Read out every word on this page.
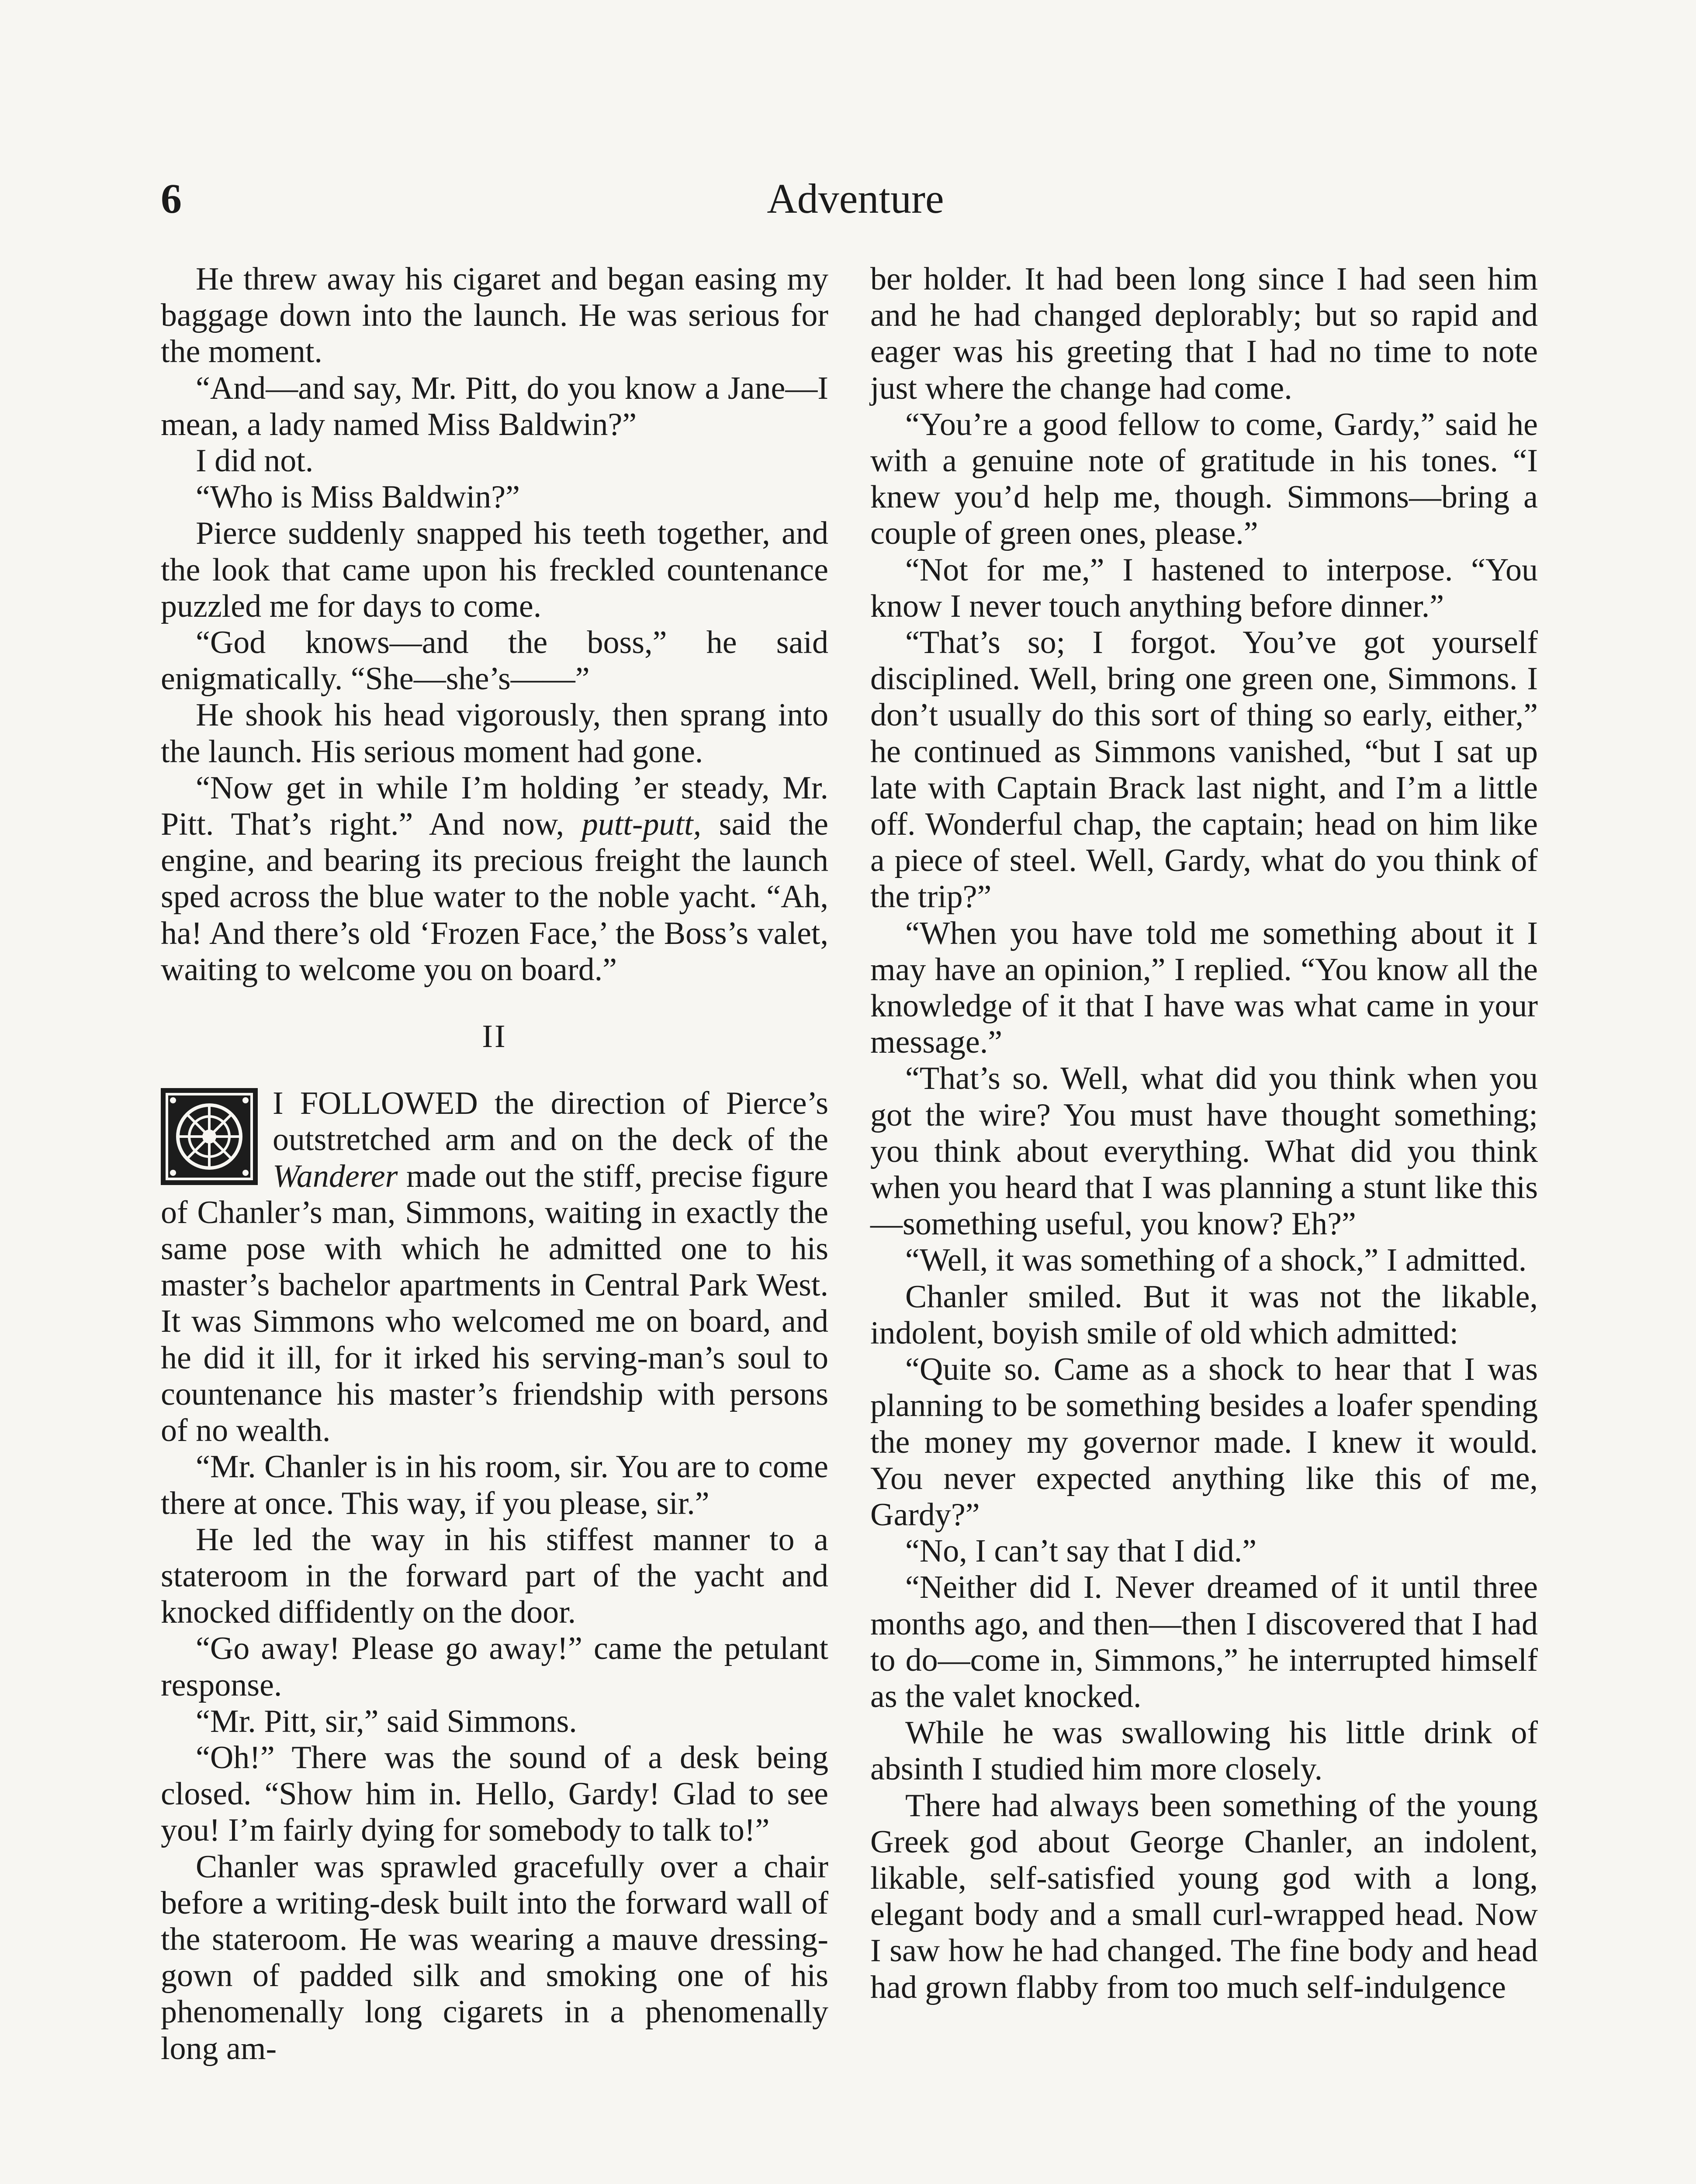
6	Adventure

He threw away his cigaret and began easing my baggage down into the launch. He was serious for the moment.

“And—and say, Mr. Pitt, do you know a Jane—I mean, a lady named Miss Baldwin?”

I did not.

“Who is Miss Baldwin?”

Pierce suddenly snapped his teeth together, and the look that came upon his freckled countenance puzzled me for days to come.

“God knows—and the boss,” he said enigmatically. “She—she’s——”

He shook his head vigorously, then sprang into the launch. His serious moment had gone.

“Now get in while I’m holding ’er steady, Mr. Pitt. That’s right.” And now, putt-putt, said the engine, and bearing its precious freight the launch sped across the blue water to the noble yacht. “Ah, ha! And there’s old ‘Frozen Face,’ the Boss’s valet, waiting to welcome you on board.”

II

I FOLLOWED the direction of Pierce’s outstretched arm and on the deck of the Wanderer made out the stiff, precise figure of Chanler’s man, Simmons, waiting in exactly the same pose with which he admitted one to his master’s bachelor apartments in Central Park West. It was Simmons who welcomed me on board, and he did it ill, for it irked his serving-man’s soul to countenance his master’s friendship with persons of no wealth.

“Mr. Chanler is in his room, sir. You are to come there at once. This way, if you please, sir.”

He led the way in his stiffest manner to a stateroom in the forward part of the yacht and knocked diffidently on the door.

“Go away! Please go away!” came the petulant response.

“Mr. Pitt, sir,” said Simmons.

“Oh!” There was the sound of a desk being closed. “Show him in. Hello, Gardy! Glad to see you! I’m fairly dying for somebody to talk to!”

Chanler was sprawled gracefully over a chair before a writing-desk built into the forward wall of the stateroom. He was wearing a mauve dressing-gown of padded silk and smoking one of his phenomenally long cigarets in a phenomenally long am-

ber holder. It had been long since I had seen him and he had changed deplorably; but so rapid and eager was his greeting that I had no time to note just where the change had come.

“You’re a good fellow to come, Gardy,” said he with a genuine note of gratitude in his tones. “I knew you’d help me, though. Simmons—bring a couple of green ones, please.”

“Not for me,” I hastened to interpose. “You know I never touch anything before dinner.”

“That’s so; I forgot. You’ve got yourself disciplined. Well, bring one green one, Simmons. I don’t usually do this sort of thing so early, either,” he continued as Simmons vanished, “but I sat up late with Captain Brack last night, and I’m a little off. Wonderful chap, the captain; head on him like a piece of steel. Well, Gardy, what do you think of the trip?”

“When you have told me something about it I may have an opinion,” I replied. “You know all the knowledge of it that I have was what came in your message.”

“That’s so. Well, what did you think when you got the wire? You must have thought something; you think about everything. What did you think when you heard that I was planning a stunt like this—something useful, you know? Eh?”

“Well, it was something of a shock,” I admitted.

Chanler smiled. But it was not the likable, indolent, boyish smile of old which admitted:

“Quite so. Came as a shock to hear that I was planning to be something besides a loafer spending the money my governor made. I knew it would. You never expected anything like this of me, Gardy?”

“No, I can’t say that I did.”

“Neither did I. Never dreamed of it until three months ago, and then—then I discovered that I had to do—come in, Simmons,” he interrupted himself as the valet knocked.

While he was swallowing his little drink of absinth I studied him more closely.

There had always been something of the young Greek god about George Chanler, an indolent, likable, self-satisfied young god with a long, elegant body and a small curl-wrapped head. Now I saw how he had changed. The fine body and head had grown flabby from too much self-indulgence
